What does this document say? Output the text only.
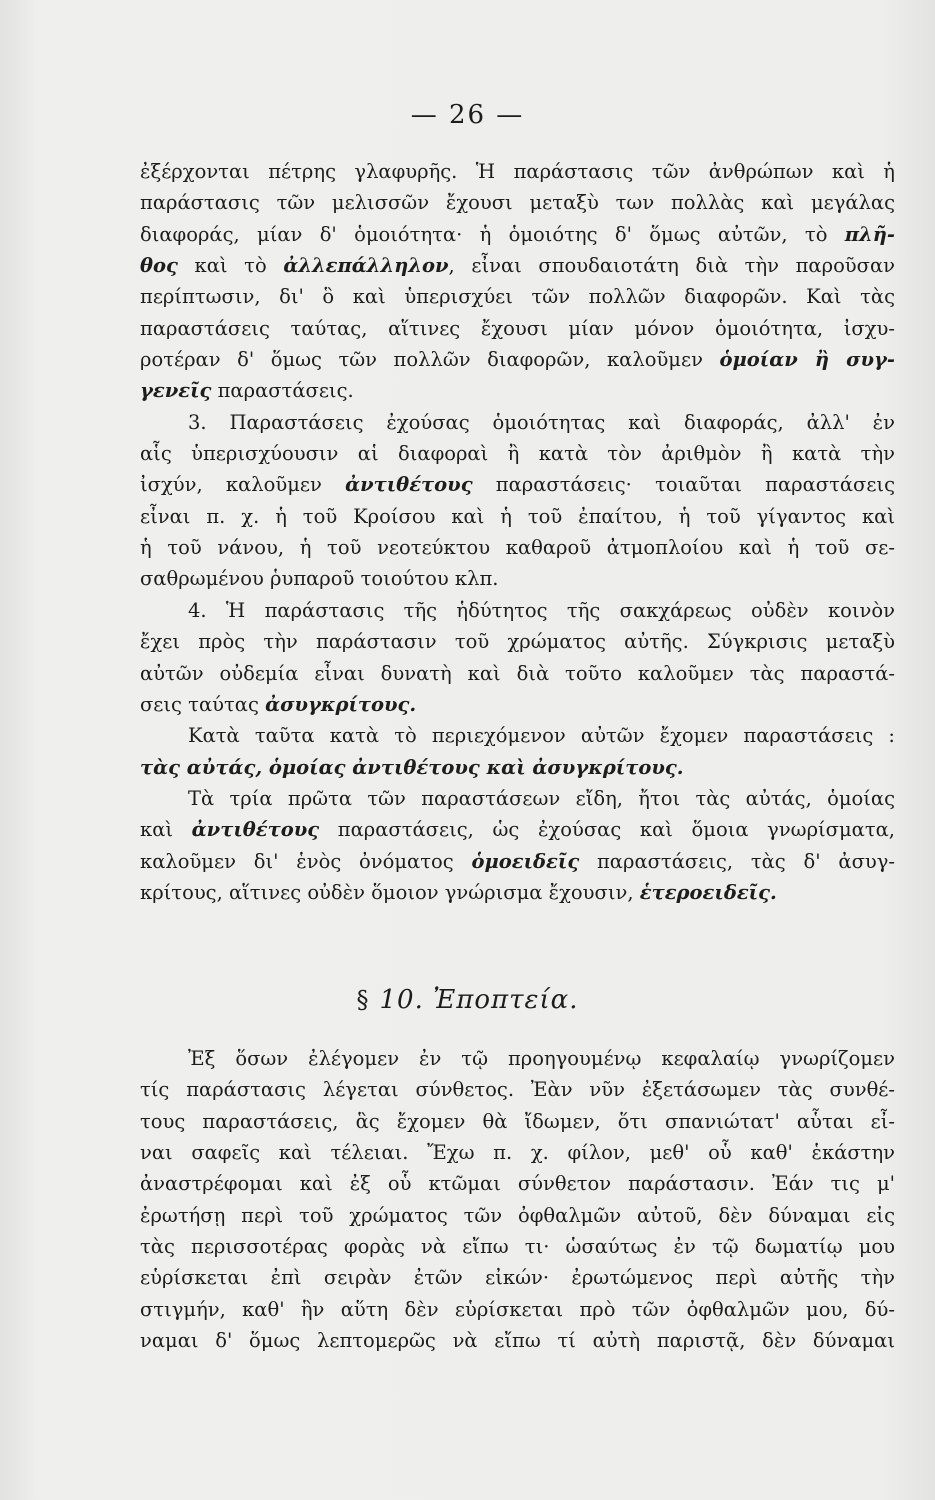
— 26 —
ἐξέρχονται πέτρης γλαφυρῆς. Ἡ παράστασις τῶν ἀνθρώπων καὶ ἡ
παράστασις τῶν μελισσῶν ἔχουσι μεταξὺ των πολλὰς καὶ μεγάλας
διαφοράς, μίαν δ' ὁμοιότητα· ἡ ὁμοιότης δ' ὅμως αὐτῶν, τὸ πλῆ-
θος καὶ τὸ ἀλλεπάλληλον, εἶναι σπουδαιοτάτη διὰ τὴν παροῦσαν
περίπτωσιν, δι' ὃ καὶ ὑπερισχύει τῶν πολλῶν διαφορῶν. Καὶ τὰς
παραστάσεις ταύτας, αἵτινες ἔχουσι μίαν μόνον ὁμοιότητα, ἰσχυ-
ροτέραν δ' ὅμως τῶν πολλῶν διαφορῶν, καλοῦμεν ὁμοίαν ἢ συγ-
γενεῖς παραστάσεις.
3. Παραστάσεις ἐχούσας ὁμοιότητας καὶ διαφοράς, ἀλλ' ἐν
αἷς ὑπερισχύουσιν αἱ διαφοραὶ ἢ κατὰ τὸν ἀριθμὸν ἢ κατὰ τὴν
ἰσχύν, καλοῦμεν ἀντιθέτους παραστάσεις· τοιαῦται παραστάσεις
εἶναι π. χ. ἡ τοῦ Κροίσου καὶ ἡ τοῦ ἐπαίτου, ἡ τοῦ γίγαντος καὶ
ἡ τοῦ νάνου, ἡ τοῦ νεοτεύκτου καθαροῦ ἀτμοπλοίου καὶ ἡ τοῦ σε-
σαθρωμένου ῥυπαροῦ τοιούτου κλπ.
4. Ἡ παράστασις τῆς ἡδύτητος τῆς σακχάρεως οὐδὲν κοινὸν
ἔχει πρὸς τὴν παράστασιν τοῦ χρώματος αὐτῆς. Σύγκρισις μεταξὺ
αὐτῶν οὐδεμία εἶναι δυνατὴ καὶ διὰ τοῦτο καλοῦμεν τὰς παραστά-
σεις ταύτας ἀσυγκρίτους.
Κατὰ ταῦτα κατὰ τὸ περιεχόμενον αὐτῶν ἔχομεν παραστάσεις :
τὰς αὐτάς, ὁμοίας ἀντιθέτους καὶ ἀσυγκρίτους.
Τὰ τρία πρῶτα τῶν παραστάσεων εἴδη, ἤτοι τὰς αὐτάς, ὁμοίας
καὶ ἀντιθέτους παραστάσεις, ὡς ἐχούσας καὶ ὅμοια γνωρίσματα,
καλοῦμεν δι' ἑνὸς ὀνόματος ὁμοειδεῖς παραστάσεις, τὰς δ' ἀσυγ-
κρίτους, αἵτινες οὐδὲν ὅμοιον γνώρισμα ἔχουσιν, ἑτεροειδεῖς.
§ 10. Ἐποπτεία.
Ἐξ ὅσων ἐλέγομεν ἐν τῷ προηγουμένῳ κεφαλαίῳ γνωρίζομεν
τίς παράστασις λέγεται σύνθετος. Ἐὰν νῦν ἐξετάσωμεν τὰς συνθέ-
τους παραστάσεις, ἃς ἔχομεν θὰ ἴδωμεν, ὅτι σπανιώτατ' αὗται εἶ-
ναι σαφεῖς καὶ τέλειαι. Ἔχω π. χ. φίλον, μεθ' οὗ καθ' ἑκάστην
ἀναστρέφομαι καὶ ἐξ οὗ κτῶμαι σύνθετον παράστασιν. Ἐάν τις μ'
ἐρωτήσῃ περὶ τοῦ χρώματος τῶν ὀφθαλμῶν αὐτοῦ, δὲν δύναμαι εἰς
τὰς περισσοτέρας φορὰς νὰ εἴπω τι· ὡσαύτως ἐν τῷ δωματίῳ μου
εὑρίσκεται ἐπὶ σειρὰν ἐτῶν εἰκών· ἐρωτώμενος περὶ αὐτῆς τὴν
στιγμήν, καθ' ἣν αὕτη δὲν εὑρίσκεται πρὸ τῶν ὀφθαλμῶν μου, δύ-
ναμαι δ' ὅμως λεπτομερῶς νὰ εἴπω τί αὐτὴ παριστᾷ, δὲν δύναμαι
